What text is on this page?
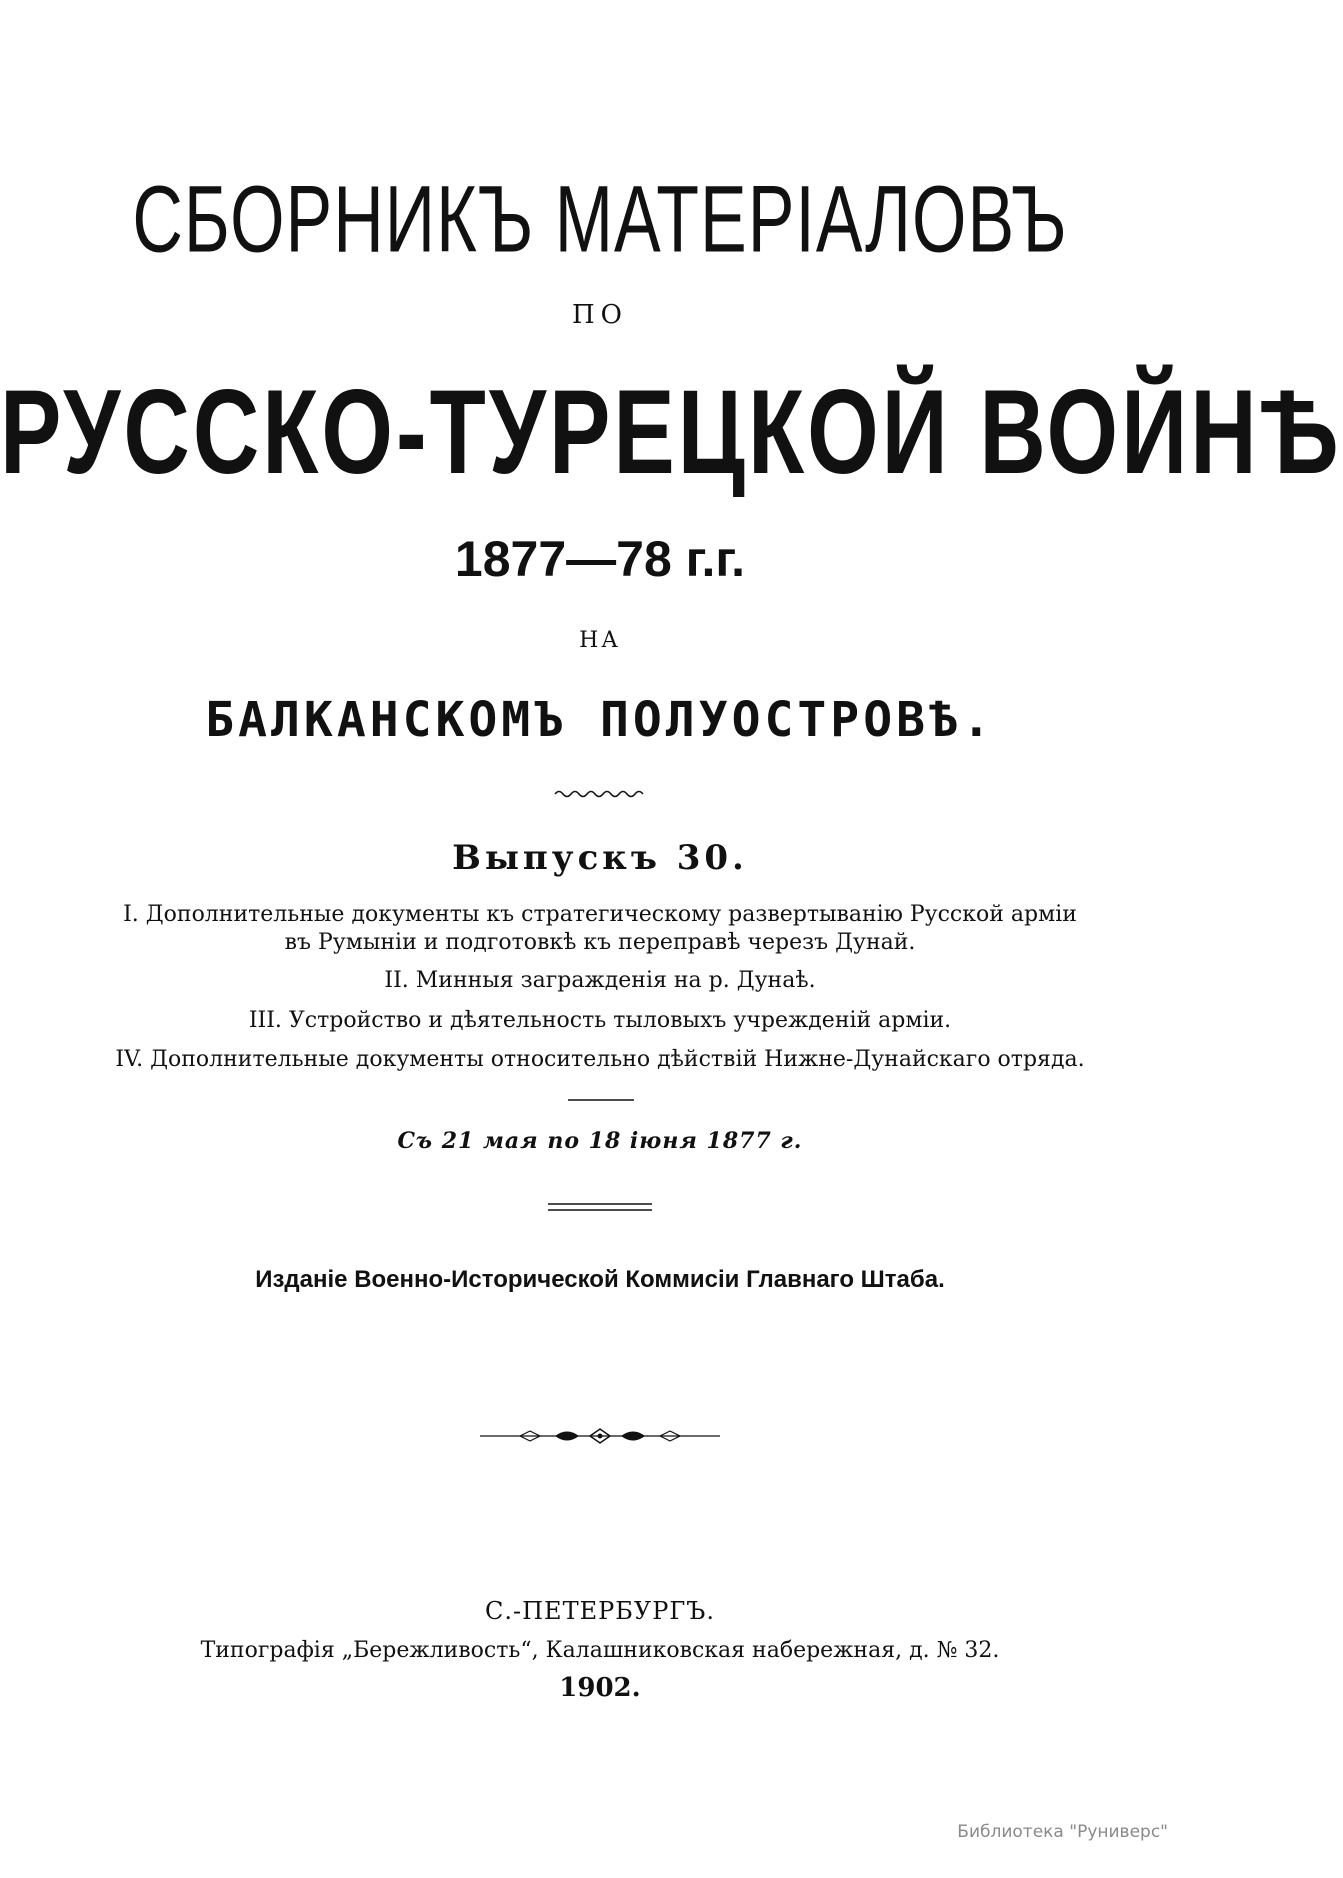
СБОРНИКЪ МАТЕРІАЛОВЪ
ПО
РУССКО-ТУРЕЦКОЙ ВОЙНѢ
1877—78 г.г.
НА
БАЛКАНСКОМЪ ПОЛУОСТРОВѢ.
Выпускъ 30.
I. Дополнительные документы къ стратегическому развертыванію Русской арміи
въ Румыніи и подготовкѣ къ переправѣ черезъ Дунай.
II. Минныя загражденія на р. Дунаѣ.
III. Устройство и дѣятельность тыловыхъ учрежденій арміи.
IV. Дополнительные документы относительно дѣйствій Нижне-Дунайскаго отряда.
Съ 21 мая по 18 іюня 1877 г.
Изданіе Военно-Исторической Коммисіи Главнаго Штаба.
С.-ПЕТЕРБУРГЪ.
Типографія „Бережливость“, Калашниковская набережная, д. № 32.
1902.
Библиотека "Руниверс"
